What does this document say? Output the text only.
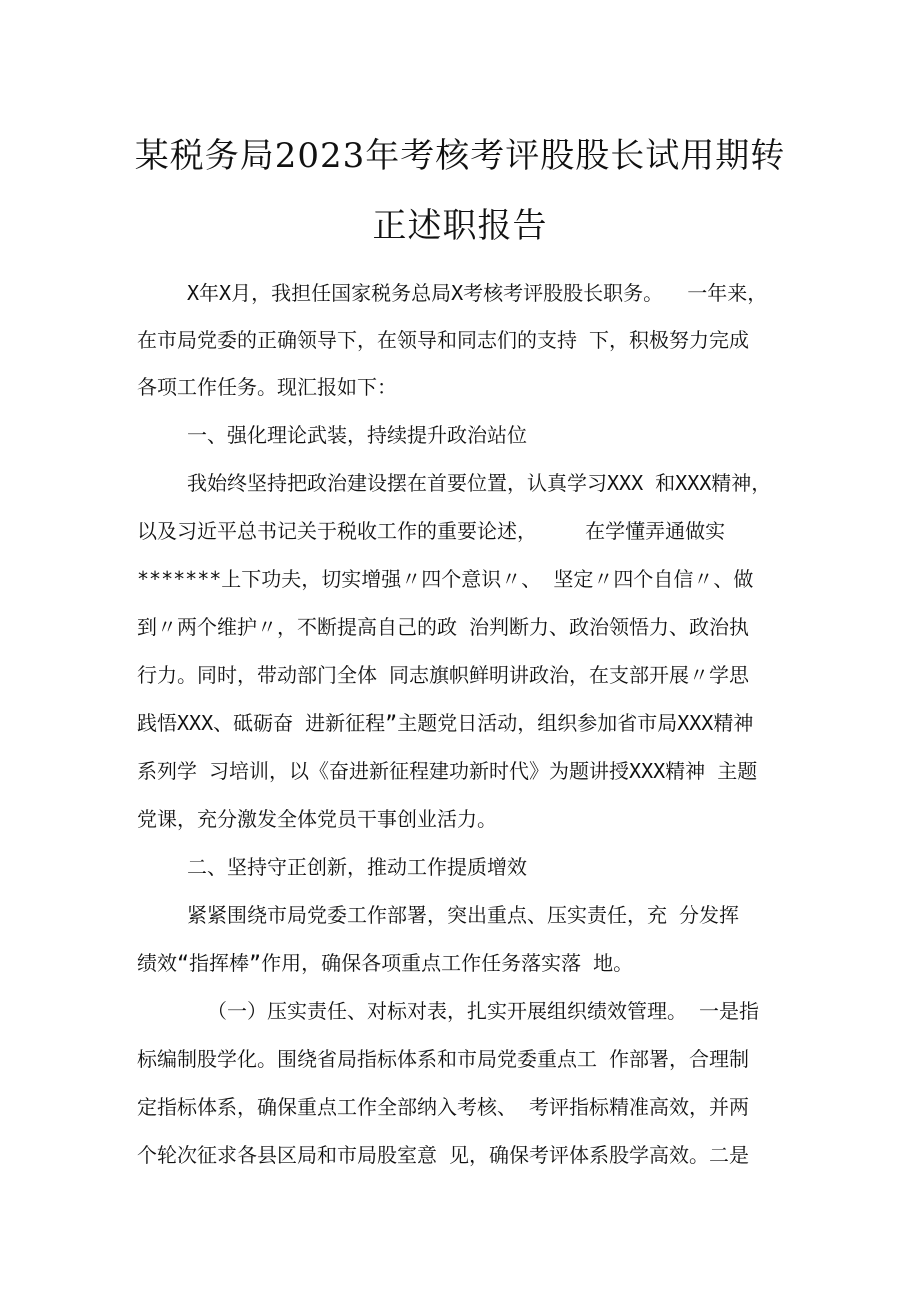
某税务局2023年考核考评股股长试用期转
正述职报告

X年X月，我担任国家税务总局X考核考评股股长职务。  一年来，

在市局党委的正确领导下，在领导和同志们的支持 下，积极努力完成

各项工作任务。现汇报如下：

一、强化理论武装，持续提升政治站位

我始终坚持把政治建设摆在首要位置，认真学习XXX 和XXX精神，

以及习近平总书记关于税收工作的重要论述，    在学懂弄通做实

*******上下功夫，切实增强〃四个意识〃、 坚定〃四个自信〃、做

到〃两个维护〃，不断提高自己的政 治判断力、政治领悟力、政治执

行力。同时，带动部门全体 同志旗帜鲜明讲政治，在支部开展〃学思

践悟XXX、砥砺奋 进新征程”主题党日活动，组织参加省市局XXX精神

系列学 习培训，以《奋进新征程建功新时代》为题讲授XXX精神 主题

党课，充分激发全体党员干事创业活力。

二、坚持守正创新，推动工作提质增效

紧紧围绕市局党委工作部署，突出重点、压实责任，充 分发挥

绩效“指挥棒”作用，确保各项重点工作任务落实落 地。

（一）压实责任、对标对表，扎实开展组织绩效管理。 一是指

标编制股学化。围绕省局指标体系和市局党委重点工 作部署，合理制

定指标体系，确保重点工作全部纳入考核、 考评指标精准高效，并两

个轮次征求各县区局和市局股室意 见，确保考评体系股学高效。二是
